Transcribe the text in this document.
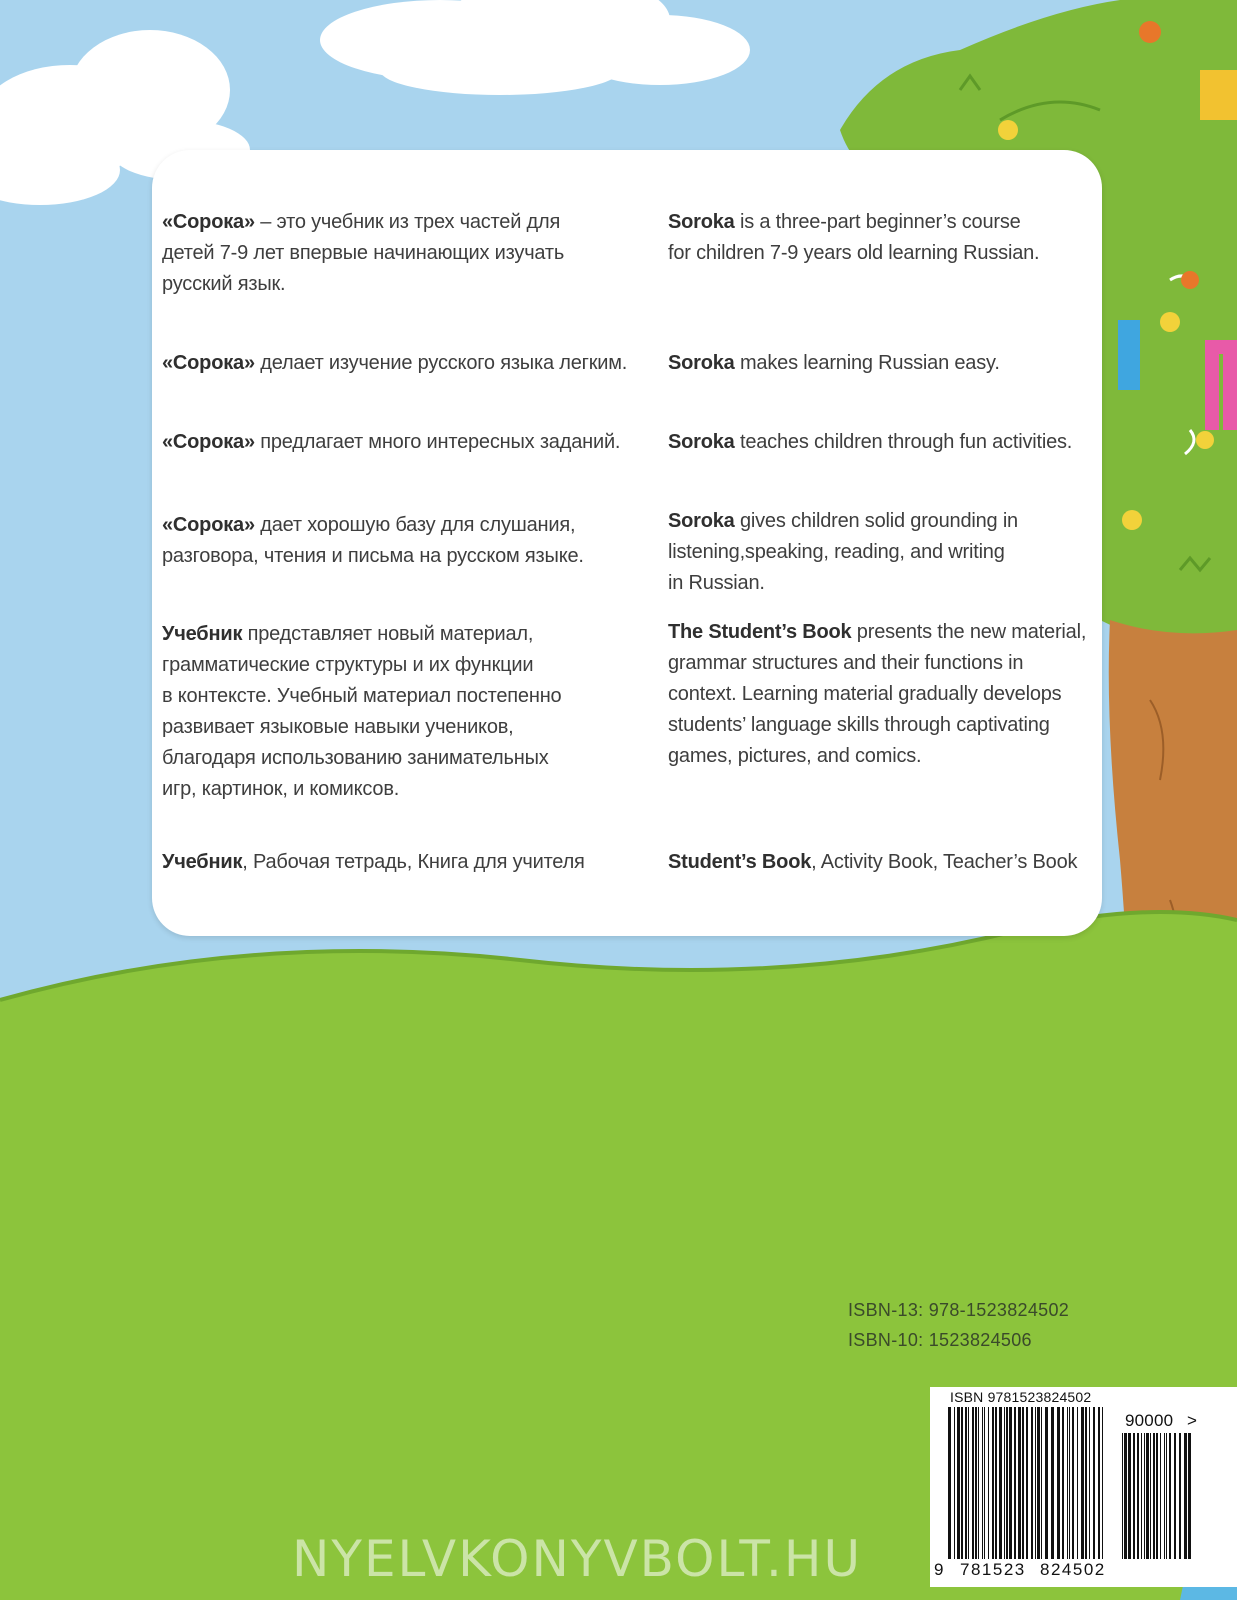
«Сорока» – это учебник из трех частей для
детей 7-9 лет впервые начинающих изучать
русский язык.

«Сорока» делает изучение русского языка легким.

«Сорока» предлагает много интересных заданий.

«Сорока» дает хорошую базу для слушания,
разговора, чтения и письма на русском языке.

Учебник представляет новый материал,
грамматические структуры и их функции
в контексте. Учебный материал постепенно
развивает языковые навыки учеников,
благодаря использованию занимательных
игр, картинок, и комиксов.

Учебник, Рабочая тетрадь, Книга для учителя

Soroka is a three-part beginner’s course
for children 7-9 years old learning Russian.

Soroka makes learning Russian easy.

Soroka teaches children through fun activities.

Soroka gives children solid grounding in
listening,speaking, reading, and writing
in Russian.

The Student’s Book presents the new material,
grammar structures and their functions in
context. Learning material gradually develops
students’ language skills through captivating
games, pictures, and comics.

Student’s Book, Activity Book, Teacher’s Book

ISBN-13: 978-1523824502
ISBN-10: 1523824506
ISBN 9781523824502
90000 >
9 781523 824502
NYELVKONYVBOLT.HU
